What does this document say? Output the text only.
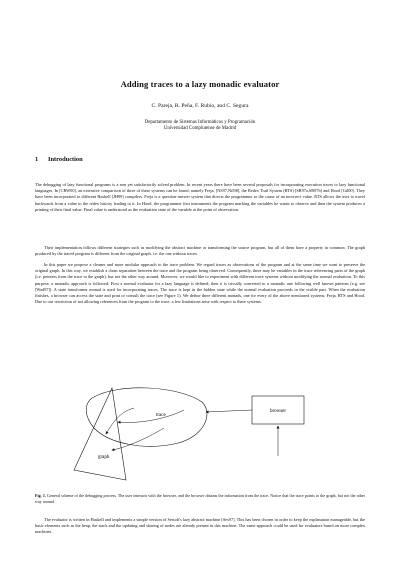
Adding traces to a lazy monadic evaluator
C. Pareja, R. Peña, F. Rubio, and C. Segura
Departamento de Sistemas Informáticos y Programación
Universidad Complutense de Madrid
1 Introduction

The debugging of lazy functional programs is a non yet satisfactorily solved problem. In recent years there have been several proposals for incorporating execution traces to lazy functional languages. In [CRW00], an extensive comparison of three of these systems can be found, namely Freja, [NS97,Nil98], the Redex Trail System (RTS) [SR97a,SR97b] and Hood [Gil00]. They have been incorporated to different Haskell [JH99] compilers. Freja is a question-answer system that directs the programmer to the cause of an incorrect value. RTS allows the user to travel backwards from a value to the redex history leading to it. In Hood, the programmer first instruments the program marking the variables he wants to observe and then the system produces a printing of their final value. Final value is understood as the evaluation state of the variable at the point of observation.

Their implementation follows different strategies such as modifying the abstract machine or transforming the source program, but all of them have a property in common: The graph produced by the traced program is different from the original graph, i.e. the one without traces.

In this paper we propose a cleaner and more modular approach to the trace problem. We regard traces as observations of the program and at the same time we want to preserve the original graph. In this way, we establish a clean separation between the trace and the program being observed. Consequently, there may be variables in the trace referencing parts of the graph (i.e. pointers from the trace to the graph), but not the other way around. Moreover, we would like to experiment with different trace systems without modifying the normal evaluation. To this purpose, a monadic approach is followed: First a normal evaluator for a lazy language is defined; then it is trivially converted to a monadic one following well known patterns (e.g. see [Wad97]). A state transformer monad is used for incorporating traces. The trace is kept in the hidden state while the normal evaluation proceeds in the visible part. When the evaluation finishes, a browser can access the state and print or consult the trace (see Figure 1). We define three different monads, one for every of the above mentioned systems; Freja, RTS and Hood. Due to our restriction of not allowing references from the program to the trace, a few limitations arise with respect to these systems.

trace
graph
browser

Fig. 1. General scheme of the debugging process. The user interacts with the browser, and the browser obtains the information from the trace. Notice that the trace points to the graph, but not the other way around.

The evaluator is written in Haskell and implements a simple version of Sestoft's lazy abstract machine [Ses97]. This has been chosen in order to keep the explanation manageable, but the basic elements such as the heap, the stack and the updating and sharing of nodes are already present in this machine. The same approach could be used for evaluators based on more complex machines.
